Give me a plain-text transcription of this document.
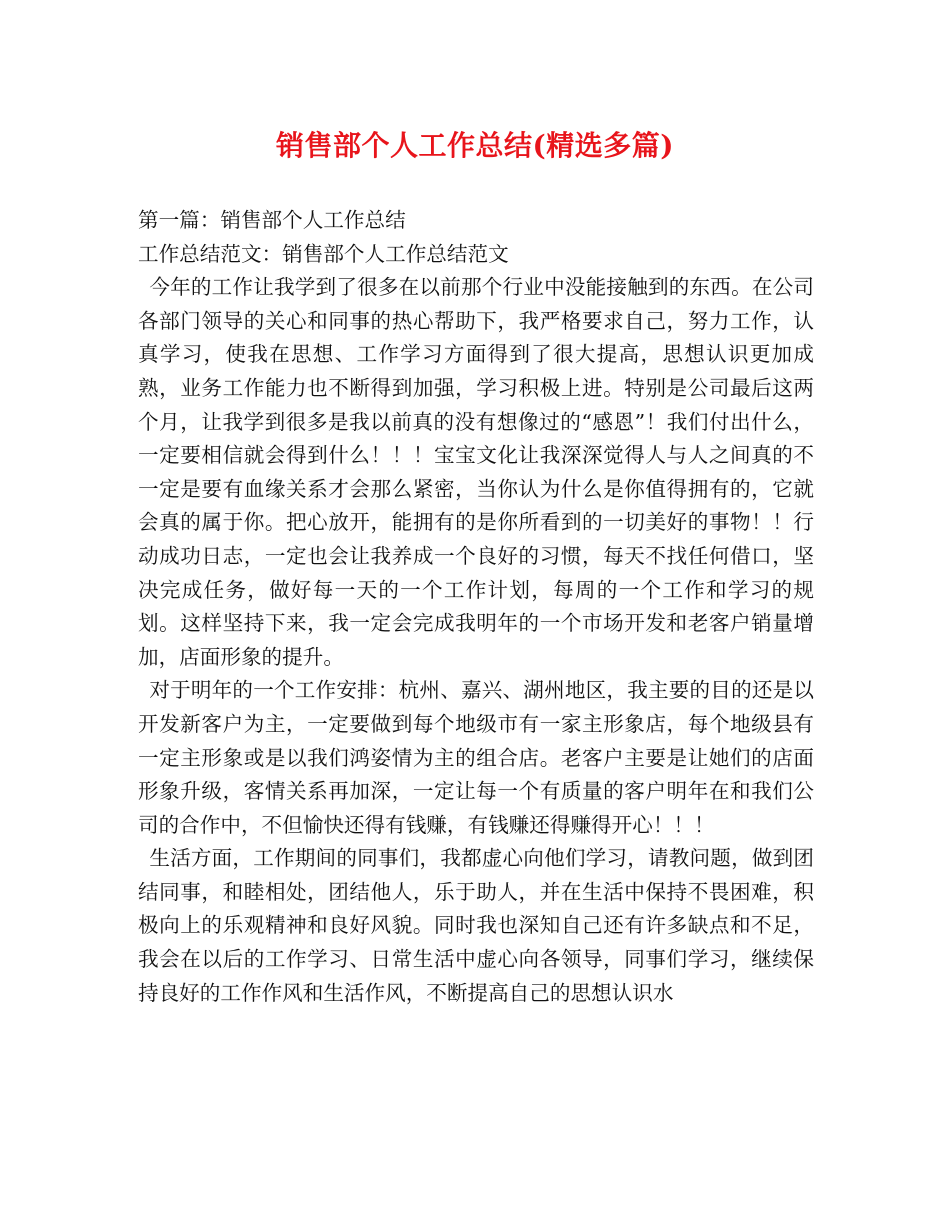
销售部个人工作总结(精选多篇)

第一篇：销售部个人工作总结

工作总结范文：销售部个人工作总结范文

今年的工作让我学到了很多在以前那个行业中没能接触到的东西。在公司各部门领导的关心和同事的热心帮助下，我严格要求自己，努力工作，认真学习，使我在思想、工作学习方面得到了很大提高，思想认识更加成熟，业务工作能力也不断得到加强，学习积极上进。特别是公司最后这两个月，让我学到很多是我以前真的没有想像过的“感恩”！我们付出什么，一定要相信就会得到什么！！！宝宝文化让我深深觉得人与人之间真的不一定是要有血缘关系才会那么紧密，当你认为什么是你值得拥有的，它就会真的属于你。把心放开，能拥有的是你所看到的一切美好的事物！！行动成功日志，一定也会让我养成一个良好的习惯，每天不找任何借口，坚决完成任务，做好每一天的一个工作计划，每周的一个工作和学习的规划。这样坚持下来，我一定会完成我明年的一个市场开发和老客户销量增加，店面形象的提升。

对于明年的一个工作安排：杭州、嘉兴、湖州地区，我主要的目的还是以开发新客户为主，一定要做到每个地级市有一家主形象店，每个地级县有一定主形象或是以我们鸿姿情为主的组合店。老客户主要是让她们的店面形象升级，客情关系再加深，一定让每一个有质量的客户明年在和我们公司的合作中，不但愉快还得有钱赚，有钱赚还得赚得开心！！！

生活方面，工作期间的同事们，我都虚心向他们学习，请教问题，做到团结同事，和睦相处，团结他人，乐于助人，并在生活中保持不畏困难，积极向上的乐观精神和良好风貌。同时我也深知自己还有许多缺点和不足，我会在以后的工作学习、日常生活中虚心向各领导，同事们学习，继续保持良好的工作作风和生活作风，不断提高自己的思想认识水
